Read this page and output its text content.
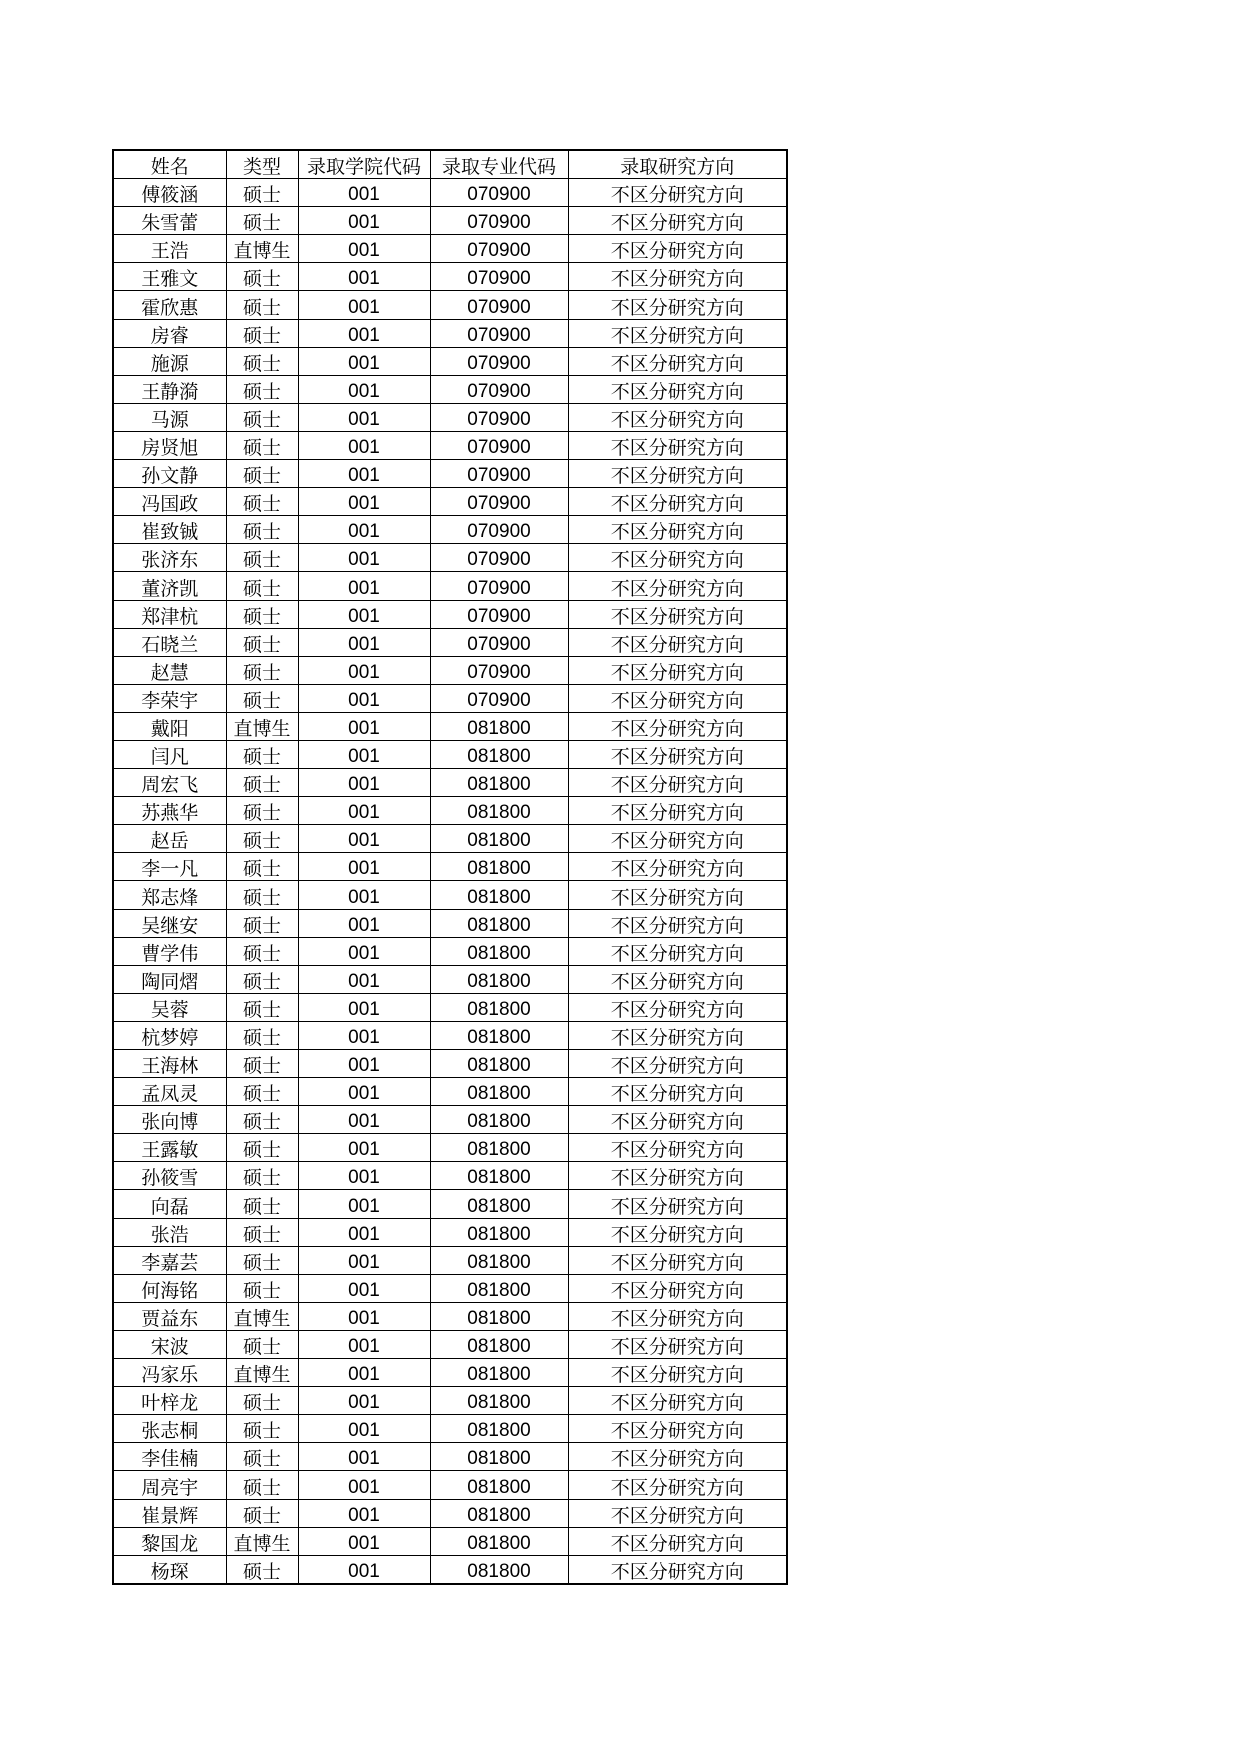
姓名	类型	录取学院代码	录取专业代码	录取研究方向
傅筱涵	硕士	001	070900	不区分研究方向
朱雪蕾	硕士	001	070900	不区分研究方向
王浩	直博生	001	070900	不区分研究方向
王雅文	硕士	001	070900	不区分研究方向
霍欣惠	硕士	001	070900	不区分研究方向
房睿	硕士	001	070900	不区分研究方向
施源	硕士	001	070900	不区分研究方向
王静漪	硕士	001	070900	不区分研究方向
马源	硕士	001	070900	不区分研究方向
房贤旭	硕士	001	070900	不区分研究方向
孙文静	硕士	001	070900	不区分研究方向
冯国政	硕士	001	070900	不区分研究方向
崔致铖	硕士	001	070900	不区分研究方向
张济东	硕士	001	070900	不区分研究方向
董济凯	硕士	001	070900	不区分研究方向
郑津杭	硕士	001	070900	不区分研究方向
石晓兰	硕士	001	070900	不区分研究方向
赵慧	硕士	001	070900	不区分研究方向
李荣宇	硕士	001	070900	不区分研究方向
戴阳	直博生	001	081800	不区分研究方向
闫凡	硕士	001	081800	不区分研究方向
周宏飞	硕士	001	081800	不区分研究方向
苏燕华	硕士	001	081800	不区分研究方向
赵岳	硕士	001	081800	不区分研究方向
李一凡	硕士	001	081800	不区分研究方向
郑志烽	硕士	001	081800	不区分研究方向
吴继安	硕士	001	081800	不区分研究方向
曹学伟	硕士	001	081800	不区分研究方向
陶同熠	硕士	001	081800	不区分研究方向
吴蓉	硕士	001	081800	不区分研究方向
杭梦婷	硕士	001	081800	不区分研究方向
王海林	硕士	001	081800	不区分研究方向
孟凤灵	硕士	001	081800	不区分研究方向
张向博	硕士	001	081800	不区分研究方向
王露敏	硕士	001	081800	不区分研究方向
孙筱雪	硕士	001	081800	不区分研究方向
向磊	硕士	001	081800	不区分研究方向
张浩	硕士	001	081800	不区分研究方向
李嘉芸	硕士	001	081800	不区分研究方向
何海铭	硕士	001	081800	不区分研究方向
贾益东	直博生	001	081800	不区分研究方向
宋波	硕士	001	081800	不区分研究方向
冯家乐	直博生	001	081800	不区分研究方向
叶梓龙	硕士	001	081800	不区分研究方向
张志桐	硕士	001	081800	不区分研究方向
李佳楠	硕士	001	081800	不区分研究方向
周亮宇	硕士	001	081800	不区分研究方向
崔景辉	硕士	001	081800	不区分研究方向
黎国龙	直博生	001	081800	不区分研究方向
杨琛	硕士	001	081800	不区分研究方向
